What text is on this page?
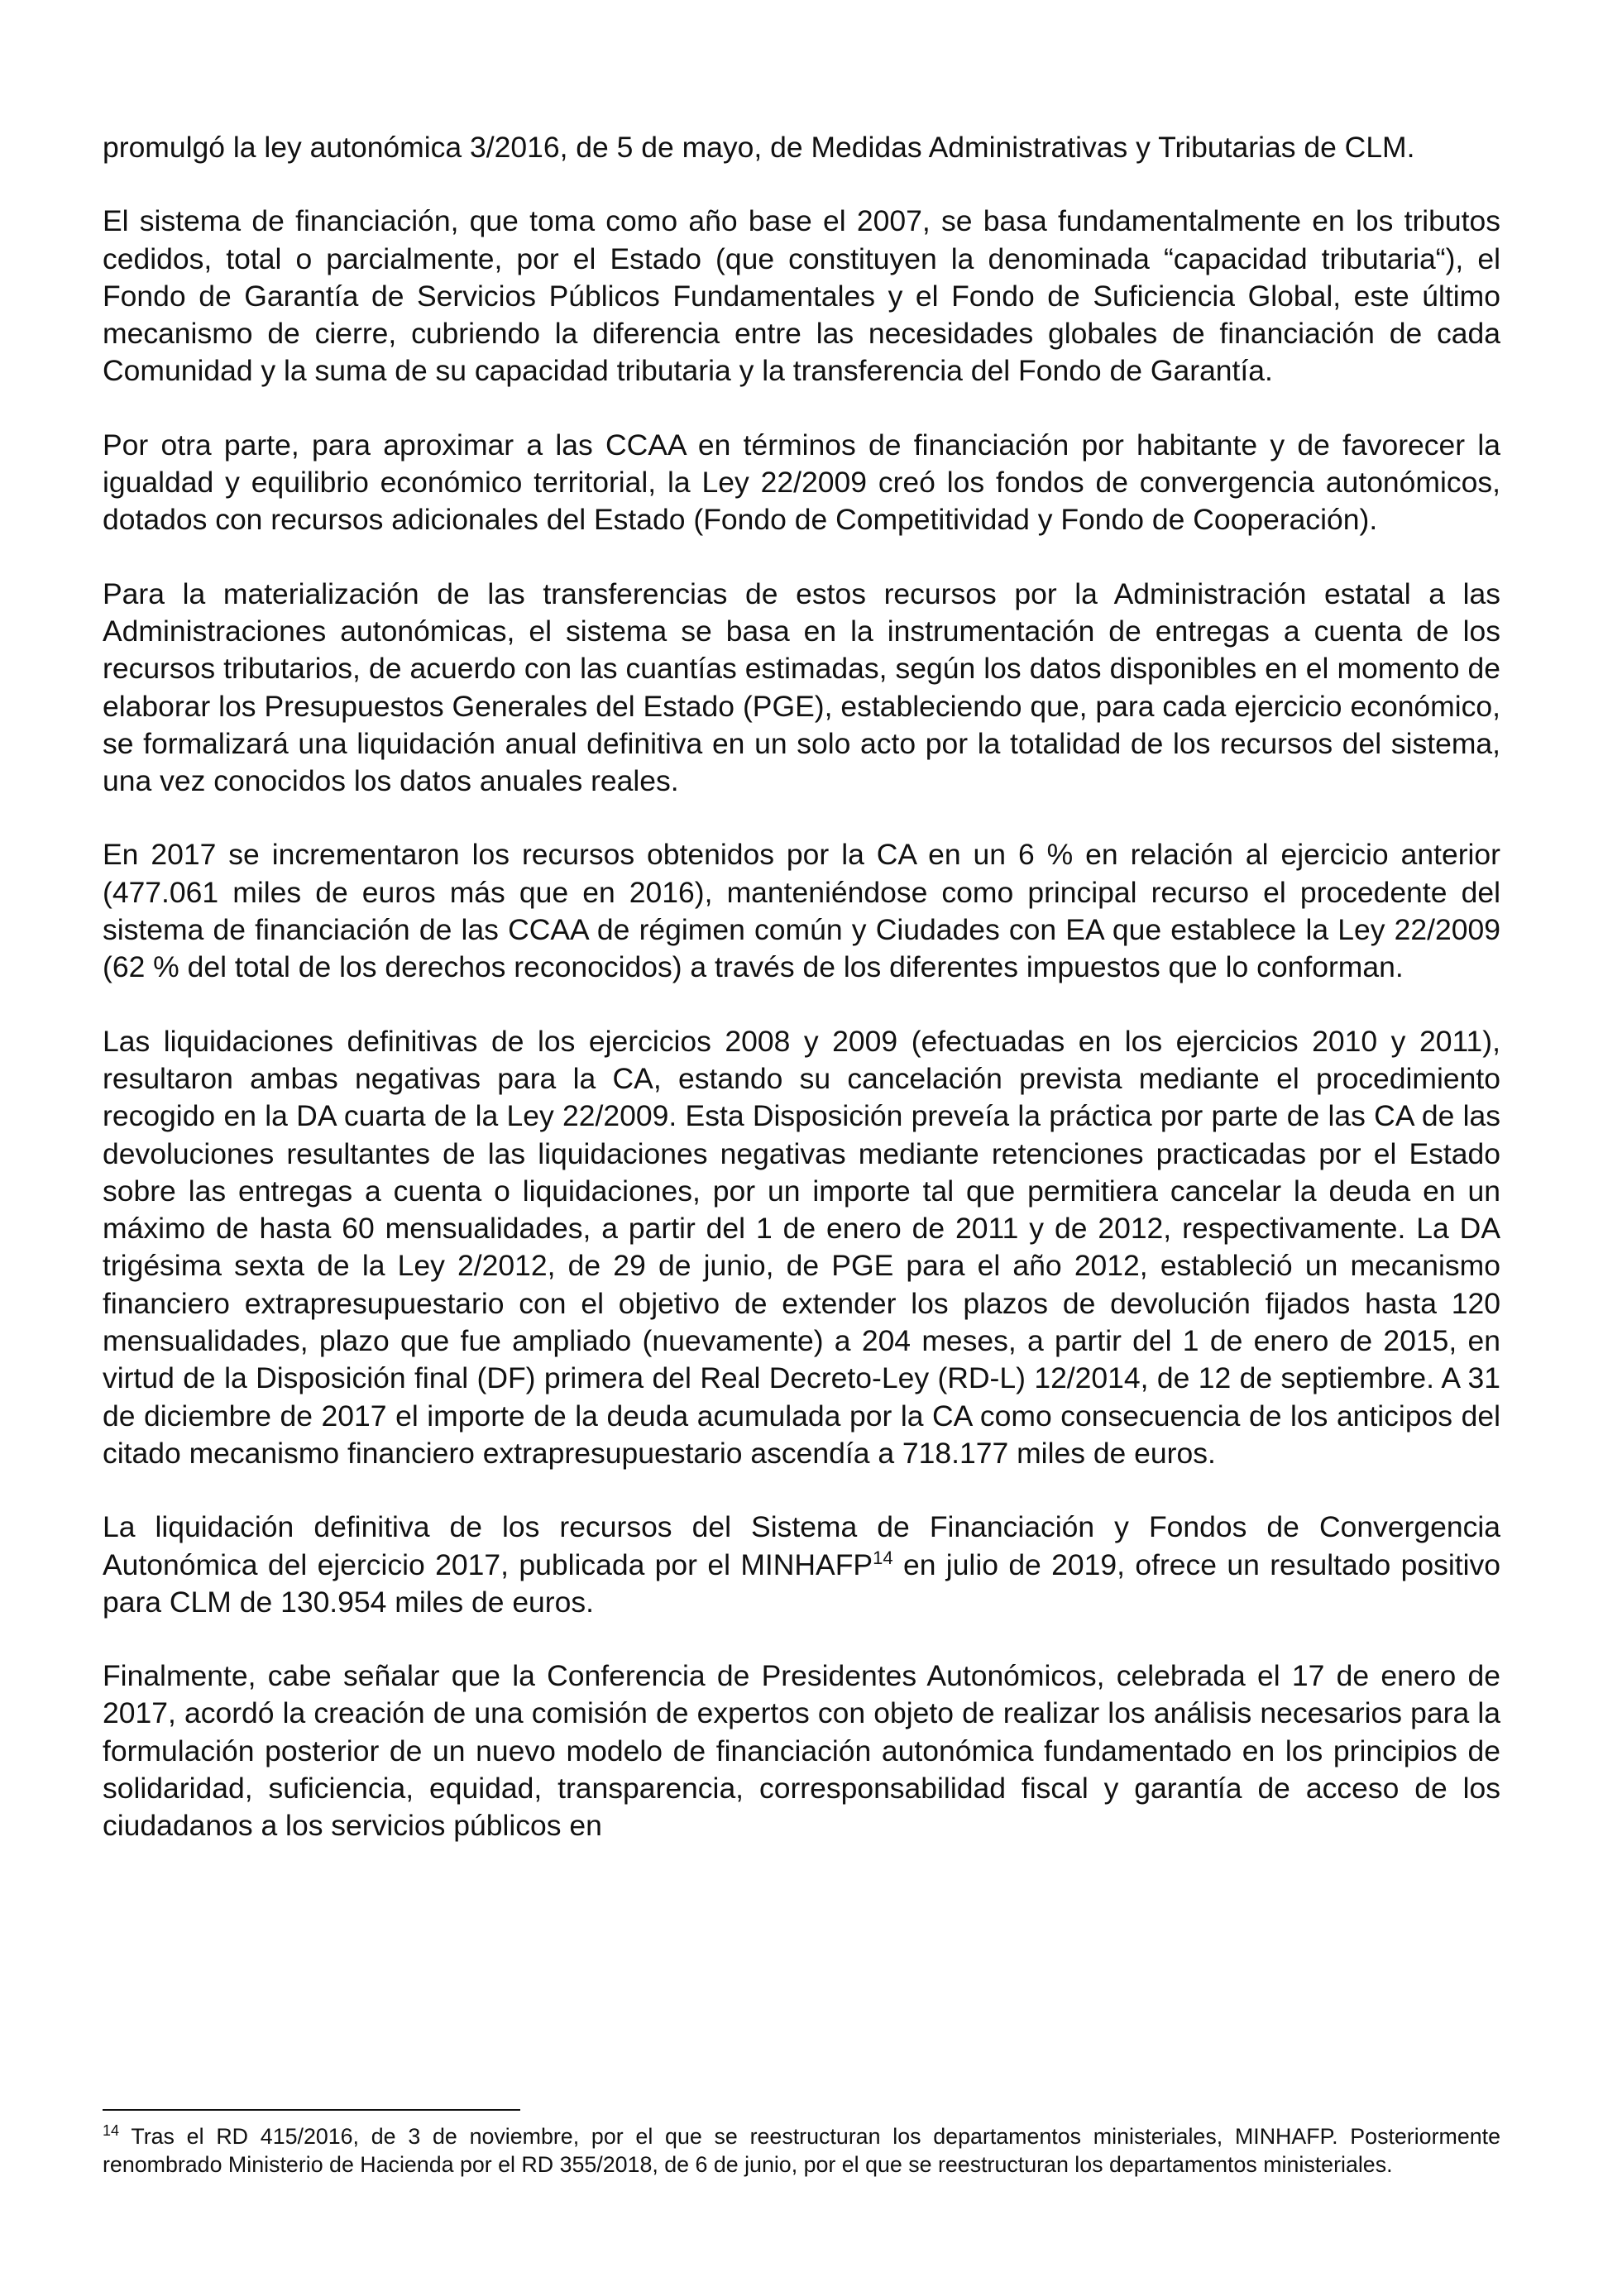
promulgó la ley autonómica 3/2016, de 5 de mayo, de Medidas Administrativas y Tributarias de CLM.

El sistema de financiación, que toma como año base el 2007, se basa fundamentalmente en los tributos cedidos, total o parcialmente, por el Estado (que constituyen la denominada “capacidad tributaria“), el Fondo de Garantía de Servicios Públicos Fundamentales y el Fondo de Suficiencia Global, este último mecanismo de cierre, cubriendo la diferencia entre las necesidades globales de financiación de cada Comunidad y la suma de su capacidad tributaria y la transferencia del Fondo de Garantía.

Por otra parte, para aproximar a las CCAA en términos de financiación por habitante y de favorecer la igualdad y equilibrio económico territorial, la Ley 22/2009 creó los fondos de convergencia autonómicos, dotados con recursos adicionales del Estado (Fondo de Competitividad y Fondo de Cooperación).

Para la materialización de las transferencias de estos recursos por la Administración estatal a las Administraciones autonómicas, el sistema se basa en la instrumentación de entregas a cuenta de los recursos tributarios, de acuerdo con las cuantías estimadas, según los datos disponibles en el momento de elaborar los Presupuestos Generales del Estado (PGE), estableciendo que, para cada ejercicio económico, se formalizará una liquidación anual definitiva en un solo acto por la totalidad de los recursos del sistema, una vez conocidos los datos anuales reales.

En 2017 se incrementaron los recursos obtenidos por la CA en un 6 % en relación al ejercicio anterior (477.061 miles de euros más que en 2016), manteniéndose como principal recurso el procedente del sistema de financiación de las CCAA de régimen común y Ciudades con EA que establece la Ley 22/2009 (62 % del total de los derechos reconocidos) a través de los diferentes impuestos que lo conforman.

Las liquidaciones definitivas de los ejercicios 2008 y 2009 (efectuadas en los ejercicios 2010 y 2011), resultaron ambas negativas para la CA, estando su cancelación prevista mediante el procedimiento recogido en la DA cuarta de la Ley 22/2009. Esta Disposición preveía la práctica por parte de las CA de las devoluciones resultantes de las liquidaciones negativas mediante retenciones practicadas por el Estado sobre las entregas a cuenta o liquidaciones, por un importe tal que permitiera cancelar la deuda en un máximo de hasta 60 mensualidades, a partir del 1 de enero de 2011 y de 2012, respectivamente. La DA trigésima sexta de la Ley 2/2012, de 29 de junio, de PGE para el año 2012, estableció un mecanismo financiero extrapresupuestario con el objetivo de extender los plazos de devolución fijados hasta 120 mensualidades, plazo que fue ampliado (nuevamente) a 204 meses, a partir del 1 de enero de 2015, en virtud de la Disposición final (DF) primera del Real Decreto-Ley (RD-L) 12/2014, de 12 de septiembre. A 31 de diciembre de 2017 el importe de la deuda acumulada por la CA como consecuencia de los anticipos del citado mecanismo financiero extrapresupuestario ascendía a 718.177 miles de euros.

La liquidación definitiva de los recursos del Sistema de Financiación y Fondos de Convergencia Autonómica del ejercicio 2017, publicada por el MINHAFP$^{14}$ en julio de 2019, ofrece un resultado positivo para CLM de 130.954 miles de euros.

Finalmente, cabe señalar que la Conferencia de Presidentes Autonómicos, celebrada el 17 de enero de 2017, acordó la creación de una comisión de expertos con objeto de realizar los análisis necesarios para la formulación posterior de un nuevo modelo de financiación autonómica fundamentado en los principios de solidaridad, suficiencia, equidad, transparencia, corresponsabilidad fiscal y garantía de acceso de los ciudadanos a los servicios públicos en

$^{14}$ Tras el RD 415/2016, de 3 de noviembre, por el que se reestructuran los departamentos ministeriales, MINHAFP. Posteriormente renombrado Ministerio de Hacienda por el RD 355/2018, de 6 de junio, por el que se reestructuran los departamentos ministeriales.
